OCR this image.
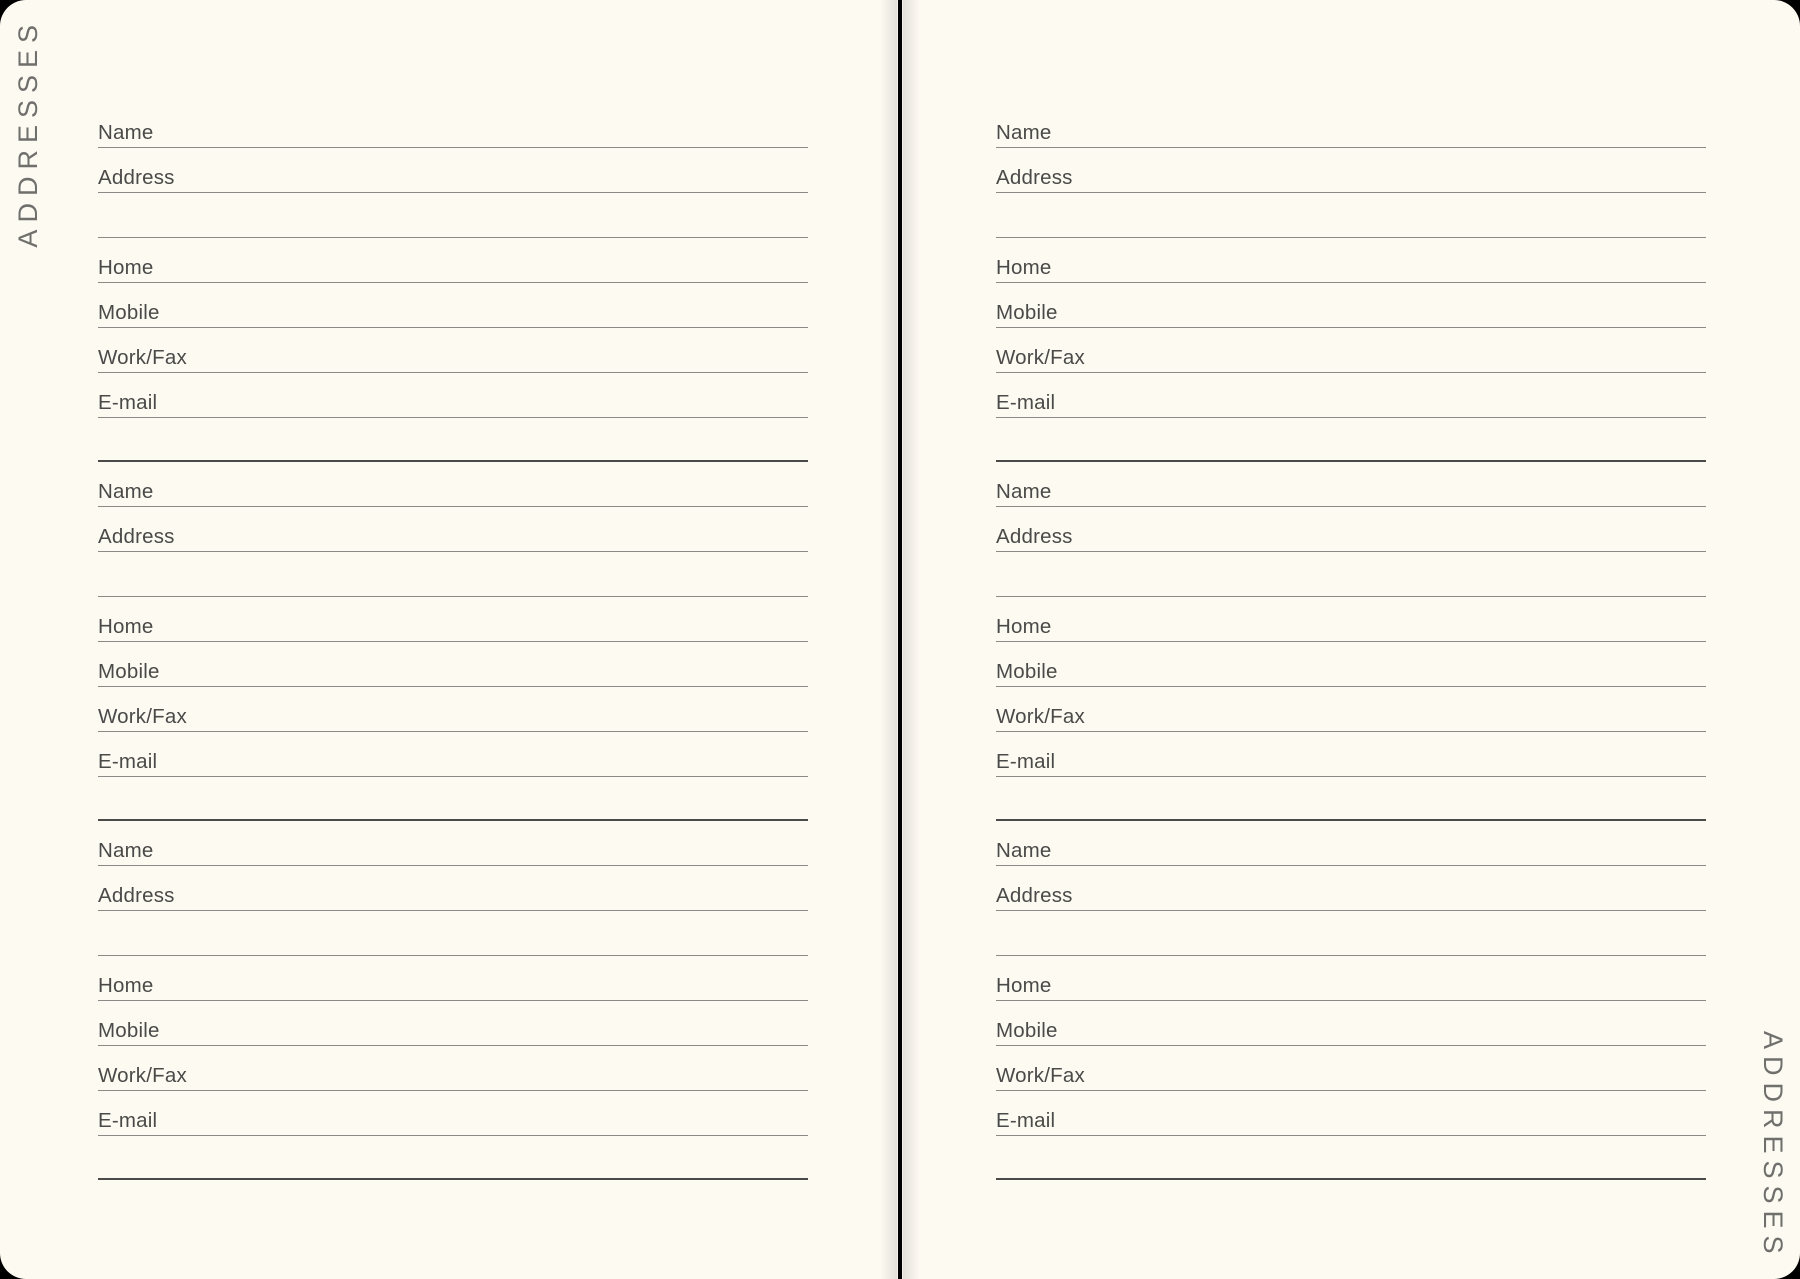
ADDRESSES	Name
Address
Home
Mobile
Work/Fax
E-mail
Name
Address
Home
Mobile
Work/Fax
E-mail
Name
Address
Home
Mobile
Work/Fax
E-mail	ADDRESSES
Name
Address
Home
Mobile
Work/Fax
E-mail
Name
Address
Home
Mobile
Work/Fax
E-mail
Name
Address
Home
Mobile
Work/Fax
E-mail
